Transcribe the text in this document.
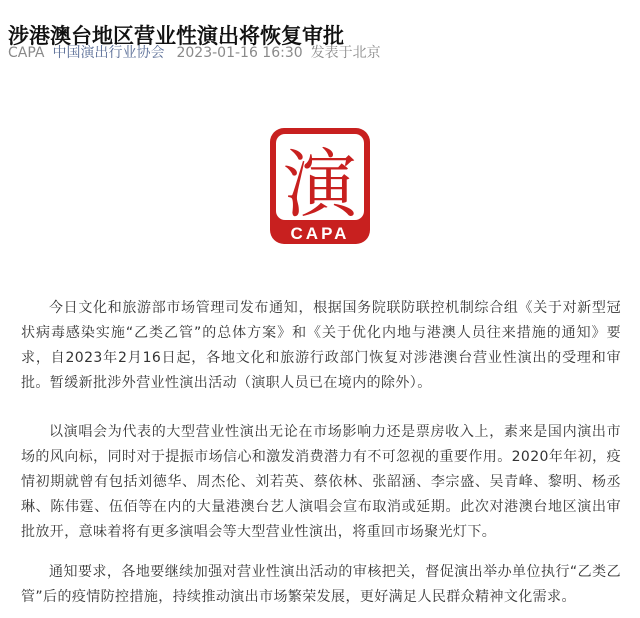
涉港澳台地区营业性演出将恢复审批
CAPA 中国演出行业协会 2023-01-16 16:30 发表于北京
演
CAPA

今日文化和旅游部市场管理司发布通知，根据国务院联防联控机制综合组《关于对新型冠状病毒感染实施“乙类乙管”的总体方案》和《关于优化内地与港澳人员往来措施的通知》要求，自2023年2月16日起，各地文化和旅游行政部门恢复对涉港澳台营业性演出的受理和审批。暂缓新批涉外营业性演出活动（演职人员已在境内的除外）。

以演唱会为代表的大型营业性演出无论在市场影响力还是票房收入上，素来是国内演出市场的风向标，同时对于提振市场信心和激发消费潜力有不可忽视的重要作用。2020年年初，疫情初期就曾有包括刘德华、周杰伦、刘若英、蔡依林、张韶涵、李宗盛、吴青峰、黎明、杨丞琳、陈伟霆、伍佰等在内的大量港澳台艺人演唱会宣布取消或延期。此次对港澳台地区演出审批放开，意味着将有更多演唱会等大型营业性演出，将重回市场聚光灯下。

通知要求，各地要继续加强对营业性演出活动的审核把关，督促演出举办单位执行“乙类乙管”后的疫情防控措施，持续推动演出市场繁荣发展，更好满足人民群众精神文化需求。
